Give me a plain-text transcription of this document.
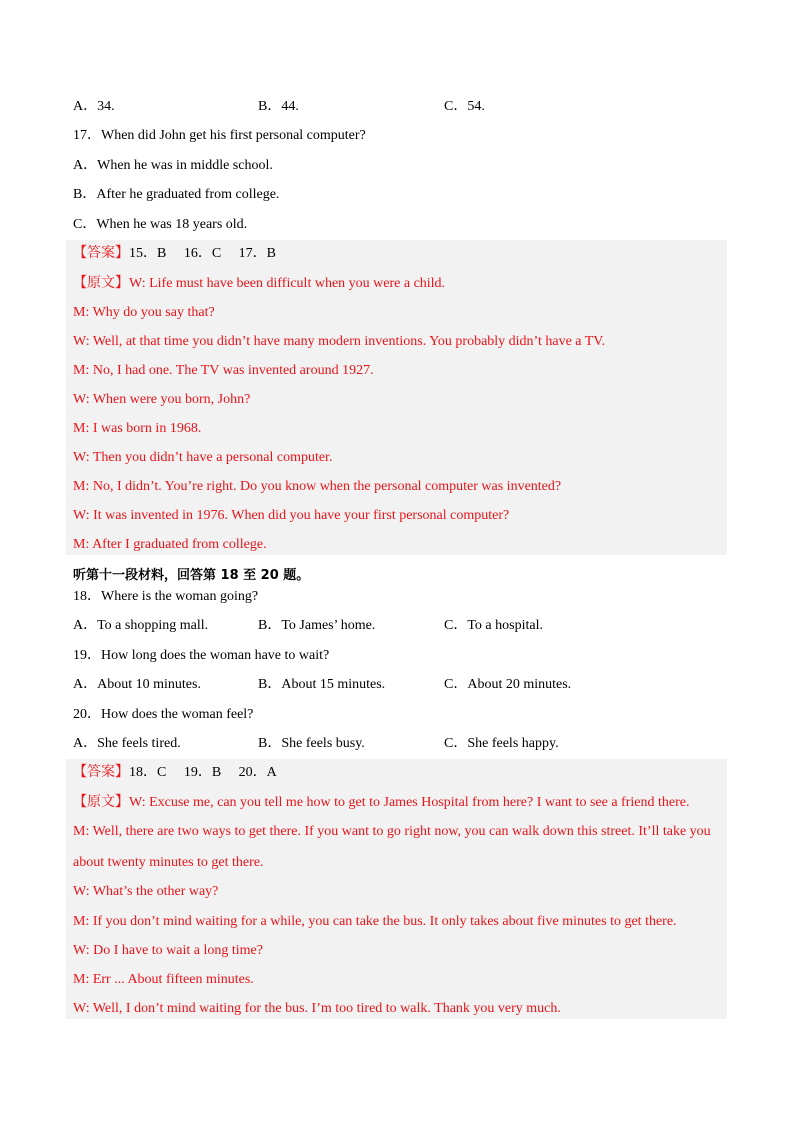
A．34.	B．44.	C．54.
17．When did John get his first personal computer?
A．When he was in middle school.
B．After he graduated from college.
C．When he was 18 years old.
【答案】15．B　 16．C　 17．B
【原文】W: Life must have been difficult when you were a child.
M: Why do you say that?
W: Well, at that time you didn’t have many modern inventions. You probably didn’t have a TV.
M: No, I had one. The TV was invented around 1927.
W: When were you born, John?
M: I was born in 1968.
W: Then you didn’t have a personal computer.
M: No, I didn’t. You’re right. Do you know when the personal computer was invented?
W: It was invented in 1976. When did you have your first personal computer?
M: After I graduated from college.
听第十一段材料，回答第 18 至 20 题。
18．Where is the woman going?
A．To a shopping mall.	B．To James’ home.	C．To a hospital.
19．How long does the woman have to wait?
A．About 10 minutes.	B．About 15 minutes.	C．About 20 minutes.
20．How does the woman feel?
A．She feels tired.	B．She feels busy.	C．She feels happy.
【答案】18．C　 19．B　 20．A
【原文】W: Excuse me, can you tell me how to get to James Hospital from here? I want to see a friend there.
M: Well, there are two ways to get there. If you want to go right now, you can walk down this street. It’ll take you
about twenty minutes to get there.
W: What’s the other way?
M: If you don’t mind waiting for a while, you can take the bus. It only takes about five minutes to get there.
W: Do I have to wait a long time?
M: Err ... About fifteen minutes.
W: Well, I don’t mind waiting for the bus. I’m too tired to walk. Thank you very much.
